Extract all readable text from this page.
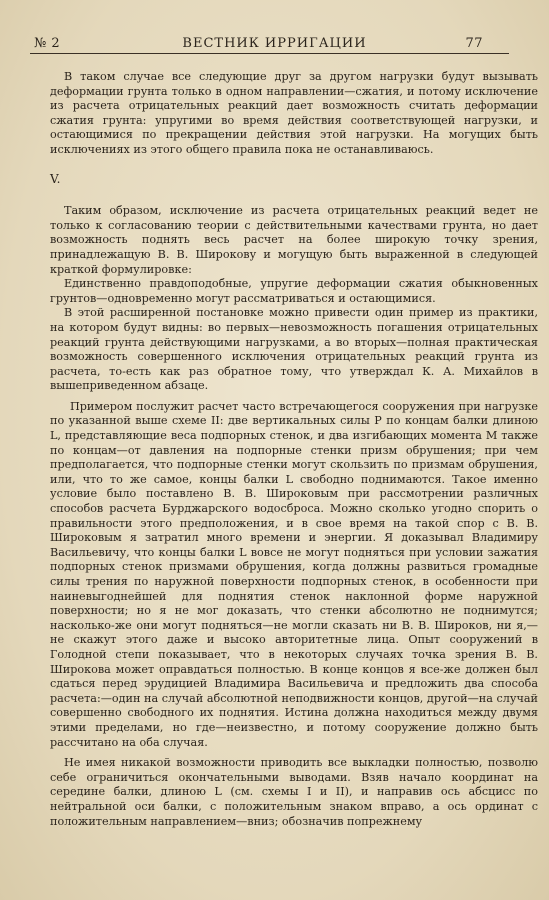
№ 2	ВЕСТНИК ИРРИГАЦИИ	77

В таком случае все следующие друг за другом нагрузки будут вызывать деформации грунта только в одном направлении—сжатия, и потому исключение из расчета отрицательных реакций дает возможность считать деформации сжатия грунта: упругими во время действия соответствующей нагрузки, и остающимися по прекращении действия этой нагрузки. На могущих быть исключениях из этого общего правила пока не останавливаюсь.

V.

Таким образом, исключение из расчета отрицательных реакций ведет не только к согласованию теории с действительными качествами грунта, но дает возможность поднять весь расчет на более широкую точку зрения, принадлежащую В. В. Широкову и могущую быть выраженной в следующей краткой формулировке:

Единственно правдоподобные, упругие деформации сжатия обыкновенных грунтов—одновременно могут рассматриваться и остающимися.

В этой расширенной постановке можно привести один пример из практики, на котором будут видны: во первых—невозможность погашения отрицательных реакций грунта действующими нагрузками, а во вторых—полная практическая возможность совершенного исключения отрицательных реакций грунта из расчета, то-есть как раз обратное тому, что утверждал К. А. Михайлов в вышеприведенном абзаце.

Примером послужит расчет часто встречающегося сооружения при нагрузке по указанной выше схеме II: две вертикальных силы P по концам балки длиною L, представляющие веса подпорных стенок, и два изгибающих момента M также по концам—от давления на подпорные стенки призм обрушения; при чем предполагается, что подпорные стенки могут скользить по призмам обрушения, или, что то же самое, концы балки L свободно поднимаются. Такое именно условие было поставлено В. В. Широковым при рассмотрении различных способов расчета Бурджарского водосброса. Можно сколько угодно спорить о правильности этого предположения, и в свое время на такой спор с В. В. Широковым я затратил много времени и энергии. Я доказывал Владимиру Васильевичу, что концы балки L вовсе не могут подняться при условии зажатия подпорных стенок призмами обрушения, когда должны развиться громадные силы трения по наружной поверхности подпорных стенок, в особенности при наиневыгоднейшей для поднятия стенок наклонной форме наружной поверхности; но я не мог доказать, что стенки абсолютно не поднимутся; насколько-же они могут подняться—не могли сказать ни В. В. Широков, ни я,—не скажут этого даже и высоко авторитетные лица. Опыт сооружений в Голодной степи показывает, что в некоторых случаях точка зрения В. В. Широкова может оправдаться полностью. В конце концов я все-же должен был сдаться перед эрудицией Владимира Васильевича и предложить два способа расчета:—один на случай абсолютной неподвижности концов, другой—на случай совершенно свободного их поднятия. Истина должна находиться между двумя этими пределами, но где—неизвестно, и потому сооружение должно быть рассчитано на оба случая.

Не имея никакой возможности приводить все выкладки полностью, позволю себе ограничиться окончательными выводами. Взяв начало координат на середине балки, длиною L (см. схемы I и II), и направив ось абсцисс по нейтральной оси балки, с положительным знаком вправо, а ось ординат с положительным направлением—вниз; обозначив попрежнему
